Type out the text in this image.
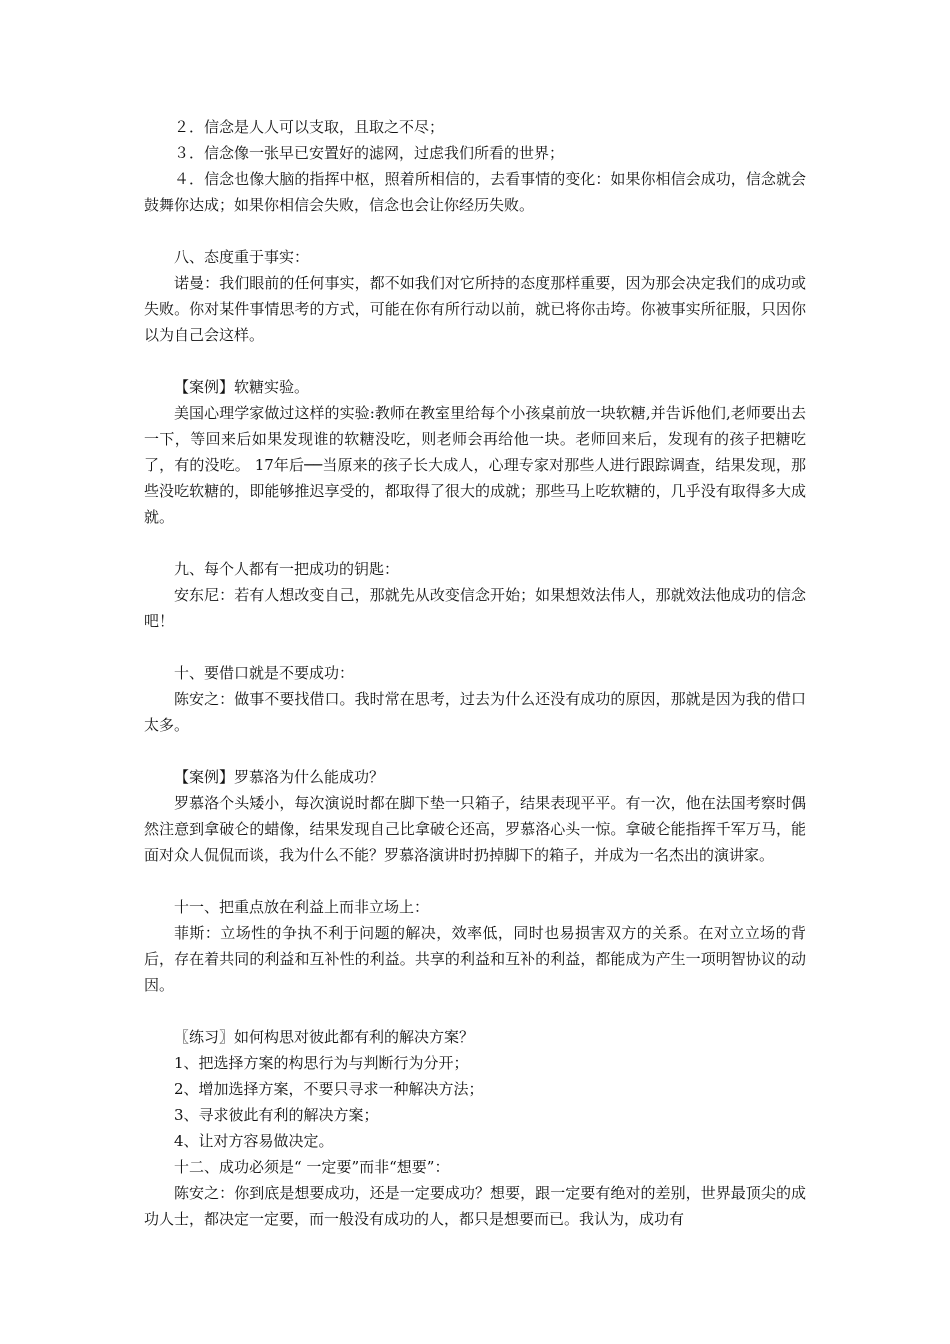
２．信念是人人可以支取，且取之不尽；

３．信念像一张早已安置好的滤网，过虑我们所看的世界；

４．信念也像大脑的指挥中枢，照着所相信的，去看事情的变化：如果你相信会成功，信念就会鼓舞你达成；如果你相信会失败，信念也会让你经历失败。

八、态度重于事实：

诺曼：我们眼前的任何事实，都不如我们对它所持的态度那样重要，因为那会决定我们的成功或失败。你对某件事情思考的方式，可能在你有所行动以前，就已将你击垮。你被事实所征服，只因你以为自己会这样。

【案例】软糖实验。

美国心理学家做过这样的实验:教师在教室里给每个小孩桌前放一块软糖,并告诉他们,老师要出去一下，等回来后如果发现谁的软糖没吃，则老师会再给他一块。老师回来后，发现有的孩子把糖吃了，有的没吃。 17年后──当原来的孩子长大成人，心理专家对那些人进行跟踪调查，结果发现，那些没吃软糖的，即能够推迟享受的，都取得了很大的成就；那些马上吃软糖的，几乎没有取得多大成就。

九、每个人都有一把成功的钥匙：

安东尼：若有人想改变自己，那就先从改变信念开始；如果想效法伟人，那就效法他成功的信念吧！

十、要借口就是不要成功：

陈安之：做事不要找借口。我时常在思考，过去为什么还没有成功的原因，那就是因为我的借口太多。

【案例】罗慕洛为什么能成功？

罗慕洛个头矮小，每次演说时都在脚下垫一只箱子，结果表现平平。有一次，他在法国考察时偶然注意到拿破仑的蜡像，结果发现自己比拿破仑还高，罗慕洛心头一惊。拿破仑能指挥千军万马，能面对众人侃侃而谈，我为什么不能？罗慕洛演讲时扔掉脚下的箱子，并成为一名杰出的演讲家。

十一、把重点放在利益上而非立场上：

菲斯：立场性的争执不利于问题的解决，效率低，同时也易损害双方的关系。在对立立场的背后，存在着共同的利益和互补性的利益。共享的利益和互补的利益，都能成为产生一项明智协议的动因。

〖练习〗如何构思对彼此都有利的解决方案？

1、把选择方案的构思行为与判断行为分开；

2、增加选择方案，不要只寻求一种解决方法；

3、寻求彼此有利的解决方案；

4、让对方容易做决定。

十二、成功必须是“ 一定要”而非“想要”：

陈安之：你到底是想要成功，还是一定要成功？想要，跟一定要有绝对的差别，世界最顶尖的成功人士，都决定一定要，而一般没有成功的人，都只是想要而已。我认为，成功有
